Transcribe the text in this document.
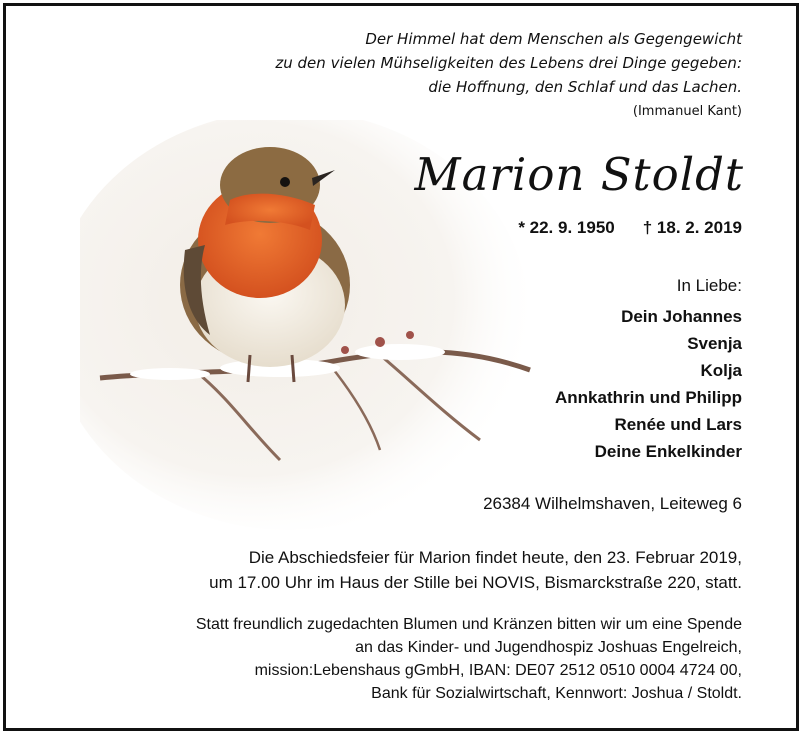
Der Himmel hat dem Menschen als Gegengewicht
zu den vielen Mühseligkeiten des Lebens drei Dinge gegeben:
die Hoffnung, den Schlaf und das Lachen.
(Immanuel Kant)
Marion Stoldt
* 22. 9. 1950 † 18. 2. 2019
In Liebe:
Dein Johannes
Svenja
Kolja
Annkathrin und Philipp
Renée und Lars
Deine Enkelkinder
26384 Wilhelmshaven, Leiteweg 6
Die Abschiedsfeier für Marion findet heute, den 23. Februar 2019,
um 17.00 Uhr im Haus der Stille bei NOVIS, Bismarckstraße 220, statt.
Statt freundlich zugedachten Blumen und Kränzen bitten wir um eine Spende
an das Kinder- und Jugendhospiz Joshuas Engelreich,
mission:Lebenshaus gGmbH, IBAN: DE07 2512 0510 0004 4724 00,
Bank für Sozialwirtschaft, Kennwort: Joshua / Stoldt.
